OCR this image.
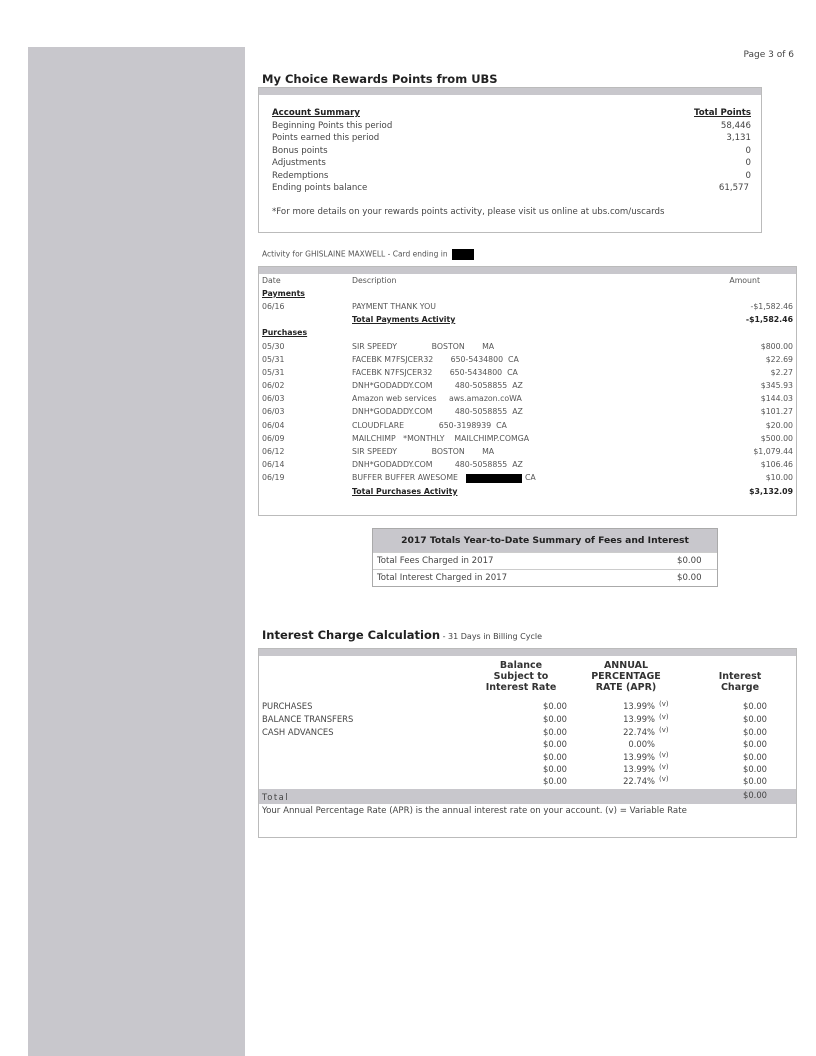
Page 3 of 6
My Choice Rewards Points from UBS
Account Summary	Total Points
Beginning Points this period	58,446
Points earned this period	3,131
Bonus points	0
Adjustments	0
Redemptions	0
Ending points balance	61,577
*For more details on your rewards points activity, please visit us online at ubs.com/uscards
Activity for GHISLAINE MAXWELL - Card ending in
Date	Description	Amount
Payments
06/16	PAYMENT THANK YOU	-$1,582.46
Total Payments Activity	-$1,582.46
Purchases
05/30	SIR SPEEDY              BOSTON       MA	$800.00
05/31	FACEBK M7FSJCER32       650-5434800  CA	$22.69
05/31	FACEBK N7FSJCER32       650-5434800  CA	$2.27
06/02	DNH*GODADDY.COM         480-5058855  AZ	$345.93
06/03	Amazon web services     aws.amazon.coWA	$144.03
06/03	DNH*GODADDY.COM         480-5058855  AZ	$101.27
06/04	CLOUDFLARE              650-3198939  CA	$20.00
06/09	MAILCHIMP   *MONTHLY    MAILCHIMP.COMGA	$500.00
06/12	SIR SPEEDY              BOSTON       MA	$1,079.44
06/14	DNH*GODADDY.COM         480-5058855  AZ	$106.46
06/19	BUFFER BUFFER AWESOME	CA	$10.00
Total Purchases Activity	$3,132.09
2017 Totals Year-to-Date Summary of Fees and Interest
Total Fees Charged in 2017	$0.00
Total Interest Charged in 2017	$0.00
Interest Charge Calculation - 31 Days in Billing Cycle
Balance
Subject to
Interest Rate
ANNUAL
PERCENTAGE
RATE (APR)
Interest
Charge
PURCHASES	$0.00	13.99% (v)	$0.00
BALANCE TRANSFERS	$0.00	13.99% (v)	$0.00
CASH ADVANCES	$0.00	22.74% (v)	$0.00
$0.00	0.00%	$0.00
$0.00	13.99% (v)	$0.00
$0.00	13.99% (v)	$0.00
$0.00	22.74% (v)	$0.00
Total	$0.00
Your Annual Percentage Rate (APR) is the annual interest rate on your account. (v) = Variable Rate
